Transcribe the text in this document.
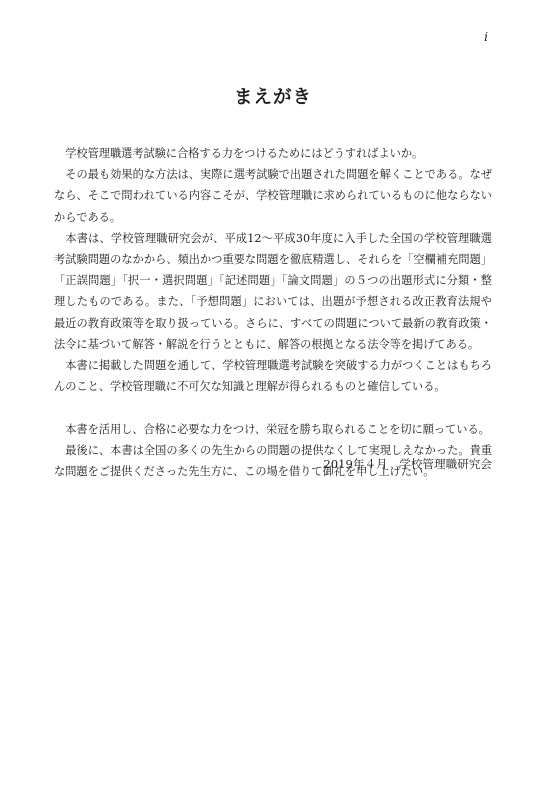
i
まえがき

　学校管理職選考試験に合格する力をつけるためにはどうすればよいか。

　その最も効果的な方法は、実際に選考試験で出題された問題を解くことである。なぜなら、そこで問われている内容こそが、学校管理職に求められているものに他ならないからである。

　本書は、学校管理職研究会が、平成12〜平成30年度に入手した全国の学校管理職選考試験問題のなかから、頻出かつ重要な問題を徹底精選し、それらを「空欄補充問題」「正誤問題」「択一・選択問題」「記述問題」「論文問題」の５つの出題形式に分類・整理したものである。また、「予想問題」においては、出題が予想される改正教育法規や最近の教育政策等を取り扱っている。さらに、すべての問題について最新の教育政策・法令に基づいて解答・解説を行うとともに、解答の根拠となる法令等を掲げてある。

　本書に掲載した問題を通して、学校管理職選考試験を突破する力がつくことはもちろんのこと、学校管理職に不可欠な知識と理解が得られるものと確信している。

　本書を活用し、合格に必要な力をつけ、栄冠を勝ち取られることを切に願っている。

　最後に、本書は全国の多くの先生からの問題の提供なくして実現しえなかった。貴重な問題をご提供くださった先生方に、この場を借りて御礼を申し上げたい。

2019年４月　学校管理職研究会
